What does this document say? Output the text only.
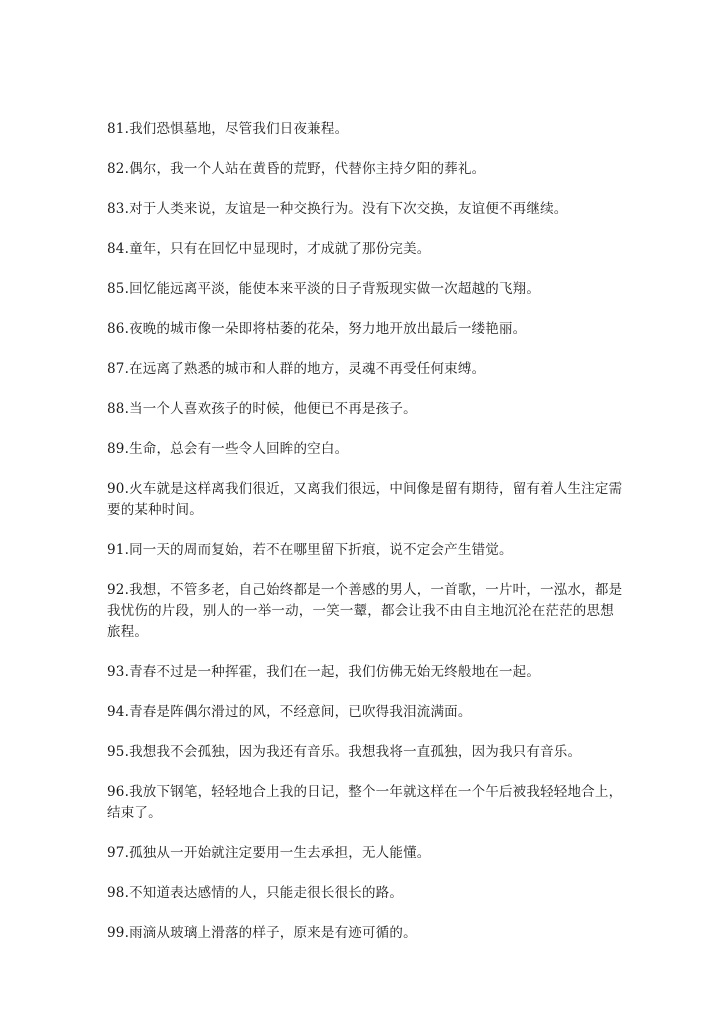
81.我们恐惧墓地，尽管我们日夜兼程。

82.偶尔，我一个人站在黄昏的荒野，代替你主持夕阳的葬礼。

83.对于人类来说，友谊是一种交换行为。没有下次交换，友谊便不再继续。

84.童年，只有在回忆中显现时，才成就了那份完美。

85.回忆能远离平淡，能使本来平淡的日子背叛现实做一次超越的飞翔。

86.夜晚的城市像一朵即将枯萎的花朵，努力地开放出最后一缕艳丽。

87.在远离了熟悉的城市和人群的地方，灵魂不再受任何束缚。

88.当一个人喜欢孩子的时候，他便已不再是孩子。

89.生命，总会有一些令人回眸的空白。

90.火车就是这样离我们很近，又离我们很远，中间像是留有期待，留有着人生注定需要的某种时间。

91.同一天的周而复始，若不在哪里留下折痕，说不定会产生错觉。

92.我想，不管多老，自己始终都是一个善感的男人，一首歌，一片叶，一泓水，都是我忧伤的片段，别人的一举一动，一笑一颦，都会让我不由自主地沉沦在茫茫的思想旅程。

93.青春不过是一种挥霍，我们在一起，我们仿佛无始无终般地在一起。

94.青春是阵偶尔滑过的风，不经意间，已吹得我泪流满面。

95.我想我不会孤独，因为我还有音乐。我想我将一直孤独，因为我只有音乐。

96.我放下钢笔，轻轻地合上我的日记，整个一年就这样在一个午后被我轻轻地合上，结束了。

97.孤独从一开始就注定要用一生去承担，无人能懂。

98.不知道表达感情的人，只能走很长很长的路。

99.雨滴从玻璃上滑落的样子，原来是有迹可循的。
